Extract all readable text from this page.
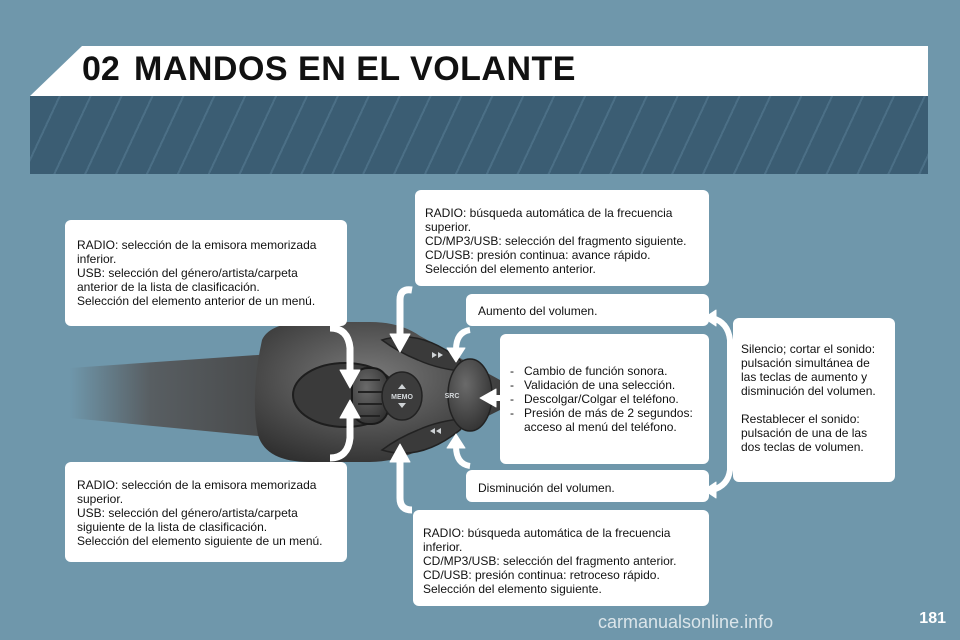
02 MANDOS EN EL VOLANTE
MEMO	SRC

RADIO: selección de la emisora memorizada

inferior.

USB: selección del género/artista/carpeta

anterior de la lista de clasificación.

Selección del elemento anterior de un menú.

RADIO: selección de la emisora memorizada

superior.

USB: selección del género/artista/carpeta

siguiente de la lista de clasificación.

Selección del elemento siguiente de un menú.

RADIO: búsqueda automática de la frecuencia

superior.

CD/MP3/USB: selección del fragmento siguiente.

CD/USB: presión continua: avance rápido.

Selección del elemento anterior.

RADIO: búsqueda automática de la frecuencia

inferior.

CD/MP3/USB: selección del fragmento anterior.

CD/USB: presión continua: retroceso rápido.

Selección del elemento siguiente.

Aumento del volumen.

Disminución del volumen.

- Cambio de función sonora.
- Validación de una selección.
- Descolgar/Colgar el teléfono.
- Presión de más de 2 segundos: acceso al menú del teléfono.

Silencio; cortar el sonido: pulsación simultánea de las teclas de aumento y disminución del volumen.

Restablecer el sonido: pulsación de una de las dos teclas de volumen.

carmanualsonline.info	181
